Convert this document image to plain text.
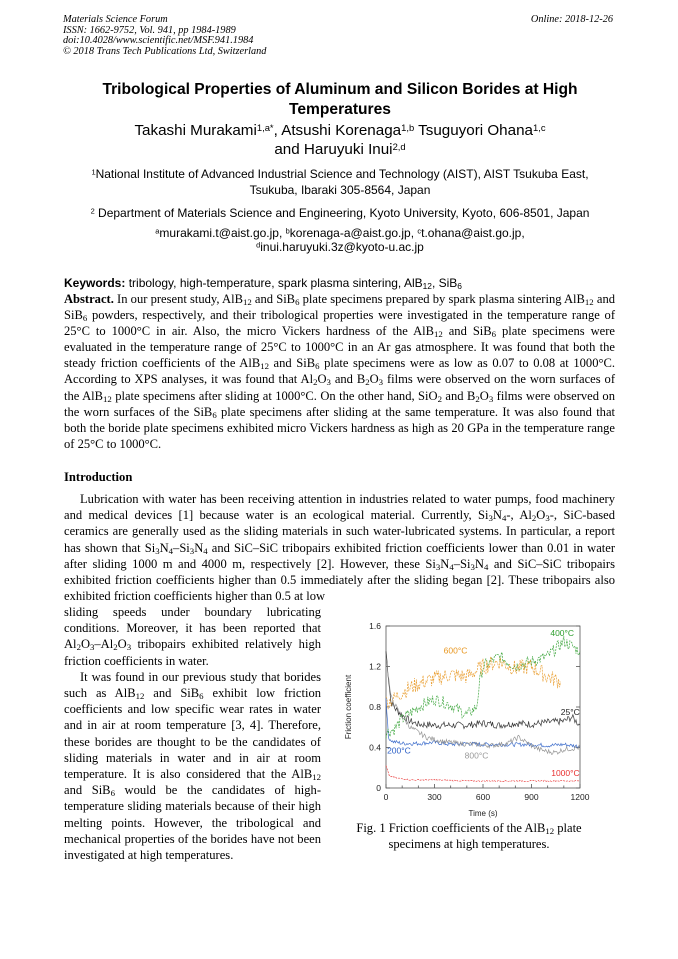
Materials Science Forum
ISSN: 1662-9752, Vol. 941, pp 1984-1989
doi:10.4028/www.scientific.net/MSF.941.1984
© 2018 Trans Tech Publications Ltd, Switzerland
Online: 2018-12-26
Tribological Properties of Aluminum and Silicon Borides at High
Temperatures
Takashi Murakami$^{1,a*}$, Atsushi Korenaga$^{1,b}$ Tsuguyori Ohana$^{1,c}$
and Haruyuki Inui$^{2,d}$
$^1$National Institute of Advanced Industrial Science and Technology (AIST), AIST Tsukuba East,
Tsukuba, Ibaraki 305-8564, Japan
$^2$ Department of Materials Science and Engineering, Kyoto University, Kyoto, 606-8501, Japan
$^a$murakami.t@aist.go.jp, $^b$korenaga-a@aist.go.jp, $^c$t.ohana@aist.go.jp,
$^d$inui.haruyuki.3z@kyoto-u.ac.jp
Keywords: tribology, high-temperature, spark plasma sintering, AlB$_{12}$, SiB$_6$
Abstract. In our present study, AlB$_{12}$ and SiB$_6$ plate specimens prepared by spark plasma sintering AlB$_{12}$ and SiB$_6$ powders, respectively, and their tribological properties were investigated in the temperature range of 25°C to 1000°C in air. Also, the micro Vickers hardness of the AlB$_{12}$ and SiB$_6$ plate specimens were evaluated in the temperature range of 25°C to 1000°C in an Ar gas atmosphere. It was found that both the steady friction coefficients of the AlB$_{12}$ and SiB$_6$ plate specimens were as low as 0.07 to 0.08 at 1000°C. According to XPS analyses, it was found that $Al_2O_3$ and $B_2O_3$ films were observed on the worn surfaces of the AlB$_{12}$ plate specimens after sliding at 1000°C. On the other hand, SiO$_2$ and $B_2O_3$ films were observed on the worn surfaces of the SiB$_6$ plate specimens after sliding at the same temperature. It was also found that both the boride plate specimens exhibited micro Vickers hardness as high as 20 GPa in the temperature range of 25°C to 1000°C.
Introduction

Lubrication with water has been receiving attention in industries related to water pumps, food machinery and medical devices [1] because water is an ecological material. Currently, $Si_3N_4-$, $Al_2O_3-$, SiC-based ceramics are generally used as the sliding materials in such water-lubricated systems. In particular, a report has shown that $Si_3N_4-Si_3N_4$ and SiC–SiC tribopairs exhibited friction coefficients lower than 0.01 in water after sliding 1000 m and 4000 m, respectively [2]. However, these $Si_3N_4-Si_3N_4$ and SiC–SiC tribopairs exhibited friction coefficients higher than 0.5 immediately after the sliding began [2]. These tribopairs also exhibited friction coefficients higher than 0.5 at low

sliding speeds under boundary lubricating conditions. Moreover, it has been reported that $Al_2O_3-Al_2O_3$ tribopairs exhibited relatively high friction coefficients in water.

It was found in our previous study that borides such as AlB$_{12}$ and SiB$_6$ exhibit low friction coefficients and low specific wear rates in water and in air at room temperature [3, 4]. Therefore, these borides are thought to be the candidates of sliding materials in water and in air at room temperature. It is also considered that the AlB$_{12}$ and SiB$_6$ would be the candidates of high-temperature sliding materials because of their high melting points. However, the tribological and mechanical properties of the borides have not been investigated at high temperatures.

0
0.4
0.8
1.2
1.6
0	300	600	900	1200
Time (s)
Friction coefficient
400°C
600°C
25°C
200°C
800°C
1000°C
Fig. 1 Friction coefficients of the AlB$_{12}$ plate
specimens at high temperatures.
